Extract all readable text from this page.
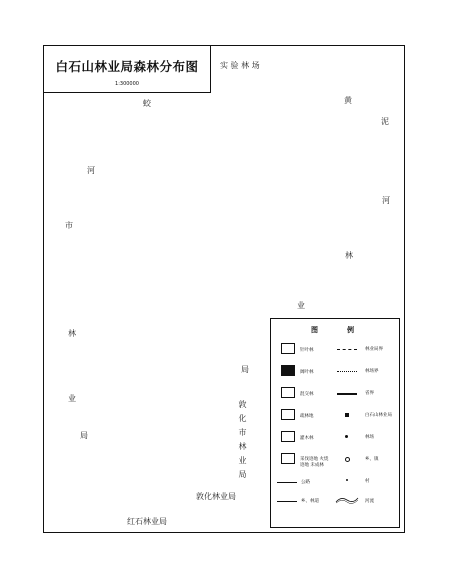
白石山林业局森林分布图
1:300000
实 验 林 场
蛟	黄
泥
河
河
市
林
业
林
业
局
局
敦化市林业局
敦化林业局
红石林业局
图	例
针叶林
阔叶林
混交林
疏林地
灌木林
采伐迹地 火烧迹地 未成林
公路
乡、林道
林业局界
林场界
省界
白石山林业局
林场
乡、镇
村
河流
